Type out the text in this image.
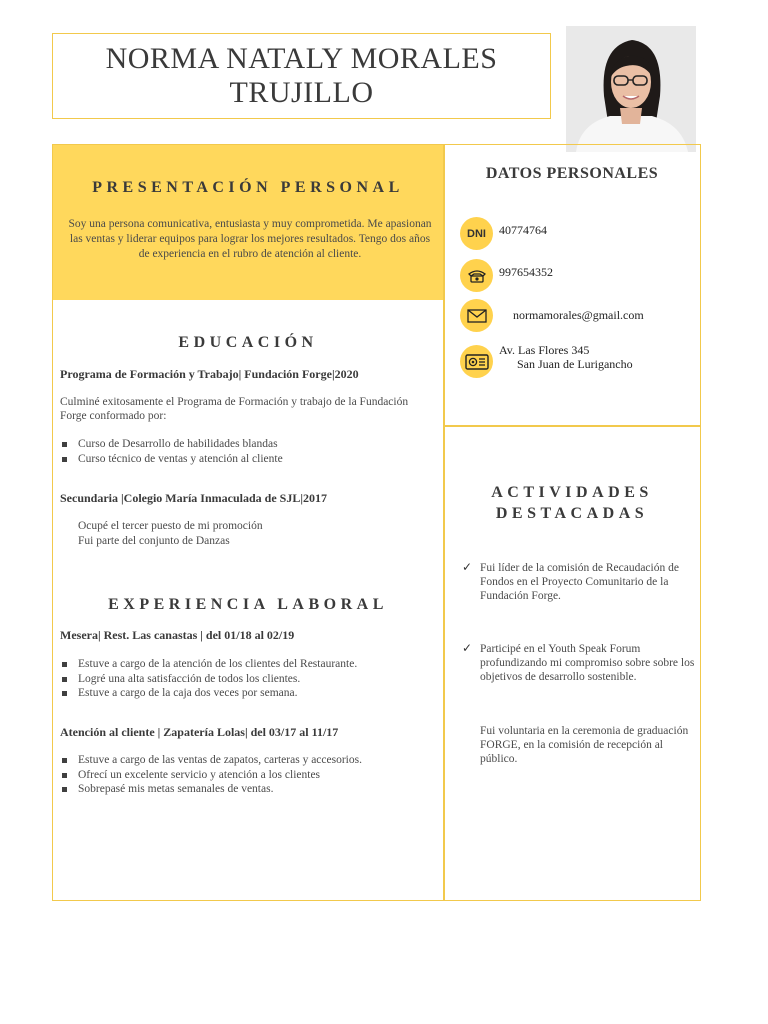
NORMA NATALY MORALES
TRUJILLO
PRESENTACIÓN PERSONAL
Soy una persona comunicativa, entusiasta y muy comprometida. Me apasionan las ventas y liderar equipos para lograr los mejores resultados. Tengo dos años de experiencia en el rubro de atención al cliente.
EDUCACIÓN
Programa de Formación y Trabajo| Fundación Forge|2020
Culminé exitosamente el Programa de Formación y trabajo de la Fundación Forge conformado por:
Curso de Desarrollo de habilidades blandas
Curso técnico de ventas y atención al cliente
Secundaria |Colegio María Inmaculada de SJL|2017
Ocupé el tercer puesto de mi promoción
Fui parte del conjunto de Danzas
EXPERIENCIA LABORAL
Mesera| Rest. Las canastas | del 01/18 al 02/19
Estuve a cargo de la atención de los clientes del Restaurante.
Logré una alta satisfacción de todos los clientes.
Estuve a cargo de la caja dos veces por semana.
Atención al cliente | Zapatería Lolas| del 03/17 al 11/17
Estuve a cargo de las ventas de zapatos, carteras y accesorios.
Ofrecí un excelente servicio y atención a los clientes
Sobrepasé mis metas semanales de ventas.
DATOS PERSONALES
DNI 40774764
997654352
normamorales@gmail.com
Av. Las Flores 345
San Juan de Lurigancho
ACTIVIDADES
DESTACADAS
✓ Fui líder de la comisión de Recaudación de Fondos en el Proyecto Comunitario de la Fundación Forge.
✓ Participé en el Youth Speak Forum profundizando mi compromiso sobre sobre los objetivos de desarrollo sostenible.
Fui voluntaria en la ceremonia de graduación FORGE, en la comisión de recepción al público.
